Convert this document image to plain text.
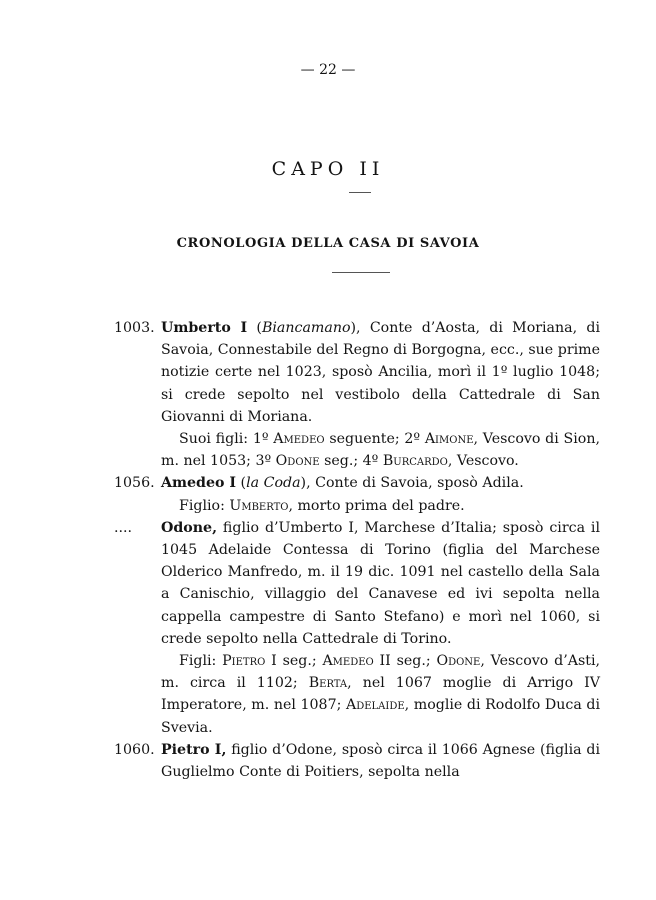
— 22 —
CAPO II
CRONOLOGIA DELLA CASA DI SAVOIA
1003. Umberto I (Biancamano), Conte d’Aosta, di Moriana, di Savoia, Connestabile del Regno di Borgogna, ecc., sue prime notizie certe nel 1023, sposò Ancilia, morì il 1º luglio 1048; si crede sepolto nel vestibolo della Cattedrale di San Giovanni di Moriana.
Suoi figli: 1º Amedeo seguente; 2º Aimone, Vescovo di Sion, m. nel 1053; 3º Odone seg.; 4º Burcardo, Vescovo.
1056. Amedeo I (la Coda), Conte di Savoia, sposò Adila.
Figlio: Umberto, morto prima del padre.
.... Odone, figlio d’Umberto I, Marchese d’Italia; sposò circa il 1045 Adelaide Contessa di Torino (figlia del Marchese Olderico Manfredo, m. il 19 dic. 1091 nel castello della Sala a Canischio, villaggio del Canavese ed ivi sepolta nella cappella campestre di Santo Stefano) e morì nel 1060, si crede sepolto nella Cattedrale di Torino.
Figli: Pietro I seg.; Amedeo II seg.; Odone, Vescovo d’Asti, m. circa il 1102; Berta, nel 1067 moglie di Arrigo IV Imperatore, m. nel 1087; Adelaide, moglie di Rodolfo Duca di Svevia.
1060. Pietro I, figlio d’Odone, sposò circa il 1066 Agnese (figlia di Guglielmo Conte di Poitiers, sepolta nella
